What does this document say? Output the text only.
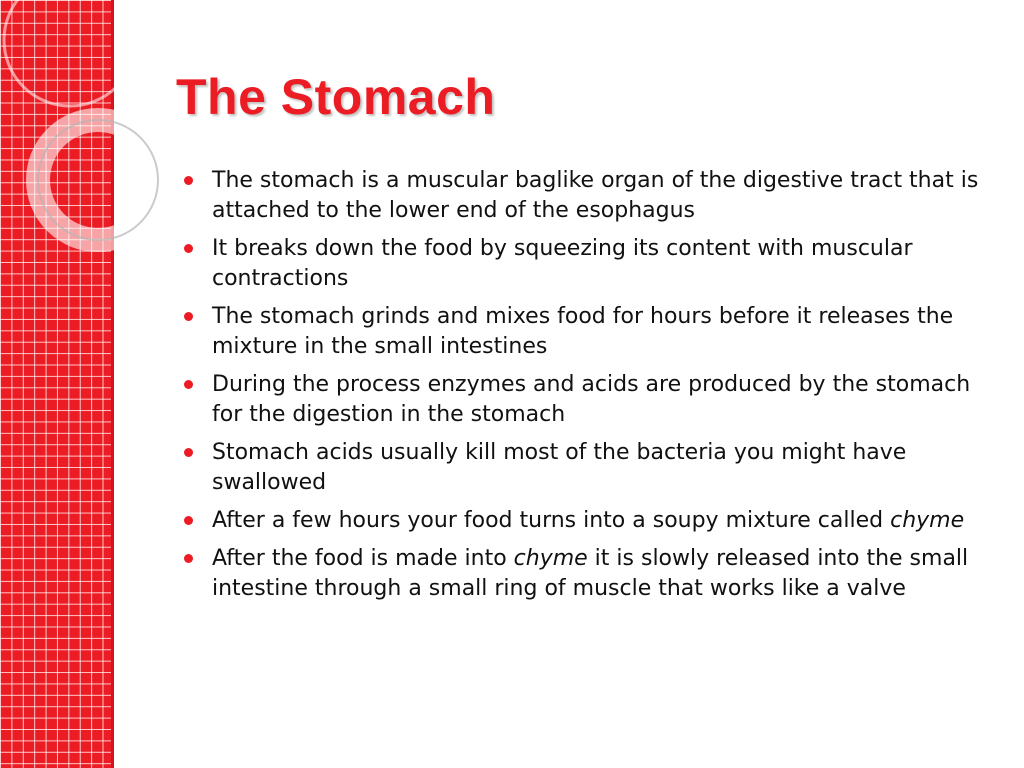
The Stomach
The stomach is a muscular baglike organ of the digestive tract that is attached to the lower end of the esophagus
It breaks down the food by squeezing its content with muscular contractions
The stomach grinds and mixes food for hours before it releases the mixture in the small intestines
During the process enzymes and acids are produced by the stomach for the digestion in the stomach
Stomach acids usually kill most of the bacteria you might have swallowed
After a few hours your food turns into a soupy mixture called chyme
After the food is made into chyme it is slowly released into the small intestine through a small ring of muscle that works like a valve
